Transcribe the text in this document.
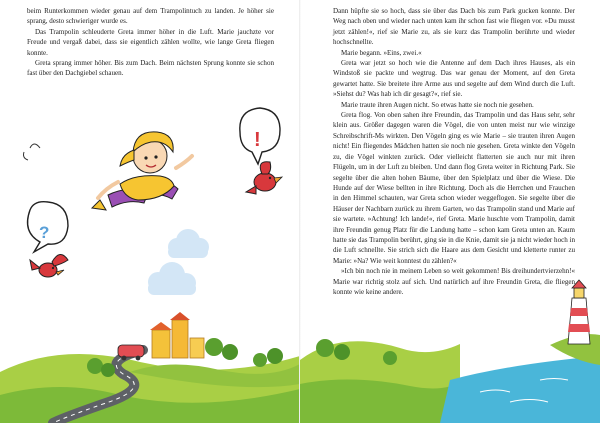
beim Runterkommen wieder genau auf dem Trampolintuch zu landen. Je höher sie sprang, desto schwieriger wurde es.

Das Trampolin schleuderte Greta immer höher in die Luft. Marie jauchzte vor Freude und vergaß dabei, dass sie eigentlich zählen wollte, wie lange Greta fliegen konnte.

Greta sprang immer höher. Bis zum Dach. Beim nächsten Sprung konnte sie schon fast über den Dachgiebel schauen.

?
!

Dann hüpfte sie so hoch, dass sie über das Dach bis zum Park gucken konnte. Der Weg nach oben und wieder nach unten kam ihr schon fast wie fliegen vor. »Du musst jetzt zählen!«, rief sie Marie zu, als sie kurz das Trampolin berührte und wieder hochschnellte.

Marie begann. »Eins, zwei.«

Greta war jetzt so hoch wie die Antenne auf dem Dach ihres Hauses, als ein Windstoß sie packte und wegtrug. Das war genau der Moment, auf den Greta gewartet hatte. Sie breitete ihre Arme aus und segelte auf dem Wind durch die Luft. »Siehst du? Was hab ich dir gesagt?«, rief sie.

Marie traute ihren Augen nicht. So etwas hatte sie noch nie gesehen.

Greta flog. Von oben sahen ihre Freundin, das Trampolin und das Haus sehr, sehr klein aus. Größer dagegen waren die Vögel, die von unten meist nur wie winzige Schreibschrift-Ms wirkten. Den Vögeln ging es wie Marie – sie trauten ihren Augen nicht! Ein fliegendes Mädchen hatten sie noch nie gesehen. Greta winkte den Vögeln zu, die Vögel winkten zurück. Oder vielleicht flatterten sie auch nur mit ihren Flügeln, um in der Luft zu bleiben. Und dann flog Greta weiter in Richtung Park. Sie segelte über die alten hohen Bäume, über den Spielplatz und über die Wiese. Die Hunde auf der Wiese bellten in ihre Richtung. Doch als die Herrchen und Frauchen in den Himmel schauten, war Greta schon wieder weggeflogen. Sie segelte über die Häuser der Nachbarn zurück zu ihrem Garten, wo das Trampolin stand und Marie auf sie wartete. »Achtung! Ich lande!«, rief Greta. Marie huschte vom Trampolin, damit ihre Freundin genug Platz für die Landung hatte – schon kam Greta unten an. Kaum hatte sie das Trampolin berührt, ging sie in die Knie, damit sie ja nicht wieder hoch in die Luft schnellte. Sie strich sich die Haare aus dem Gesicht und kletterte runter zu Marie: »Na? Wie weit konntest du zählen?«

»Ich bin noch nie in meinem Leben so weit gekommen! Bis dreihundertvierzehn!« Marie war richtig stolz auf sich. Und natürlich auf ihre Freundin Greta, die fliegen konnte wie keine andere.
